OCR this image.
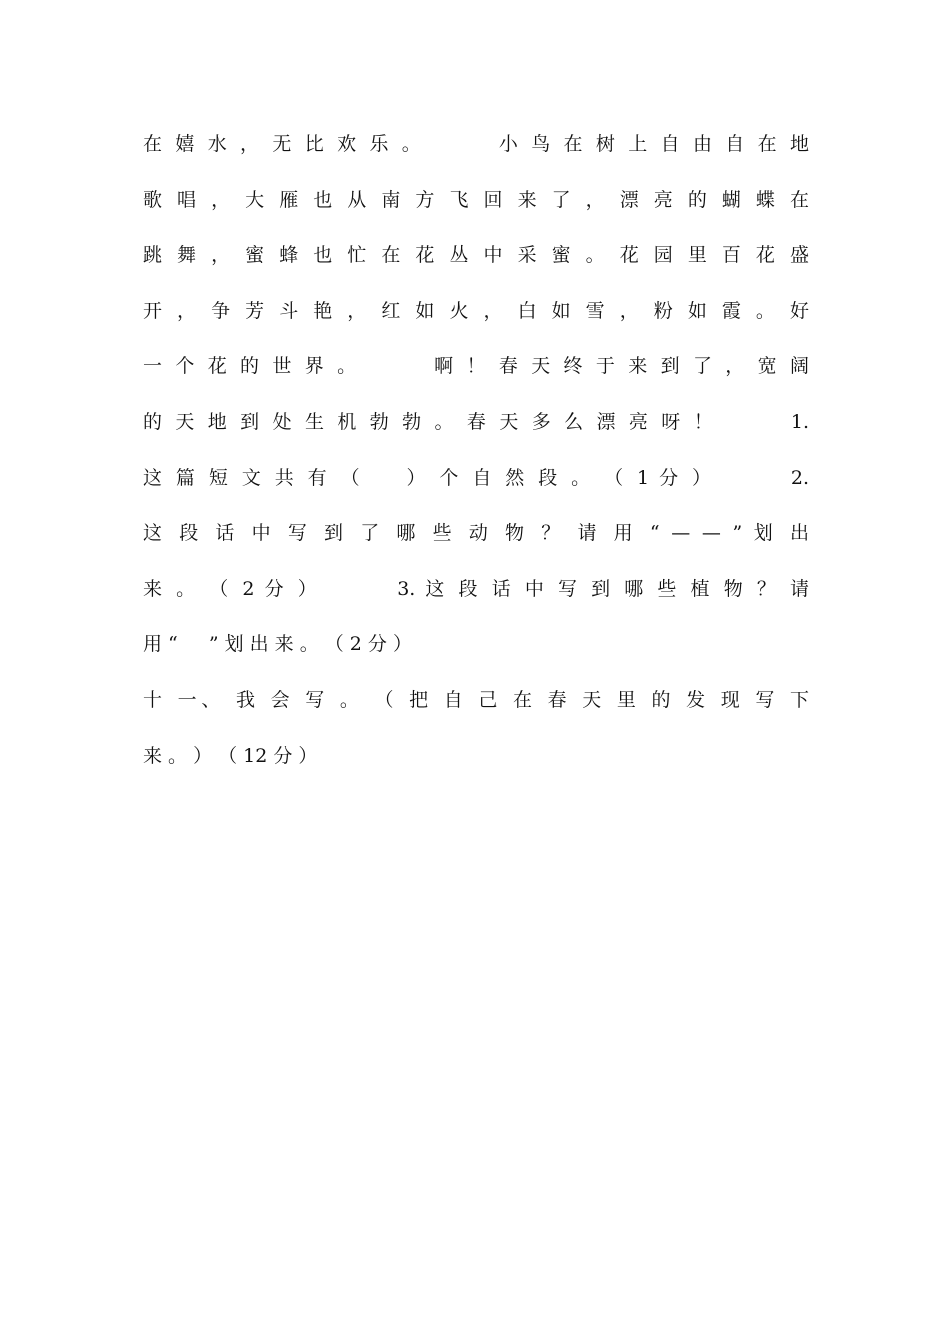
在 嬉 水 ， 无 比 欢 乐 。 　 　 小 鸟 在 树 上 自 由 自 在 地
歌 唱 ， 大 雁 也 从 南 方 飞 回 来 了 ， 漂 亮 的 蝴 蝶 在
跳 舞 ， 蜜 蜂 也 忙 在 花 丛 中 采 蜜 。 花 园 里 百 花 盛
开 ， 争 芳 斗 艳 ， 红 如 火 ， 白 如 雪 ， 粉 如 霞 。 好
一 个 花 的 世 界 。 　 　 啊 ！ 春 天 终 于 来 到 了 ， 宽 阔
的 天 地 到 处 生 机 勃 勃 。 春 天 多 么 漂 亮 呀 ！ 　 　 1.
这 篇 短 文 共 有 （ 　 ） 个 自 然 段 。 （ 1 分 ） 　 　 2.
这 段 话 中 写 到 了 哪 些 动 物 ？ 请 用 “ — — ” 划 出
来 。 （ 2 分 ） 　 　 3. 这 段 话 中 写 到 哪 些 植 物 ？ 请
用 “ 　 ” 划 出 来 。 （ 2 分 ）
十 一、 我 会 写 。 （ 把 自 己 在 春 天 里 的 发 现 写 下
来 。 ） （ 12 分 ）
